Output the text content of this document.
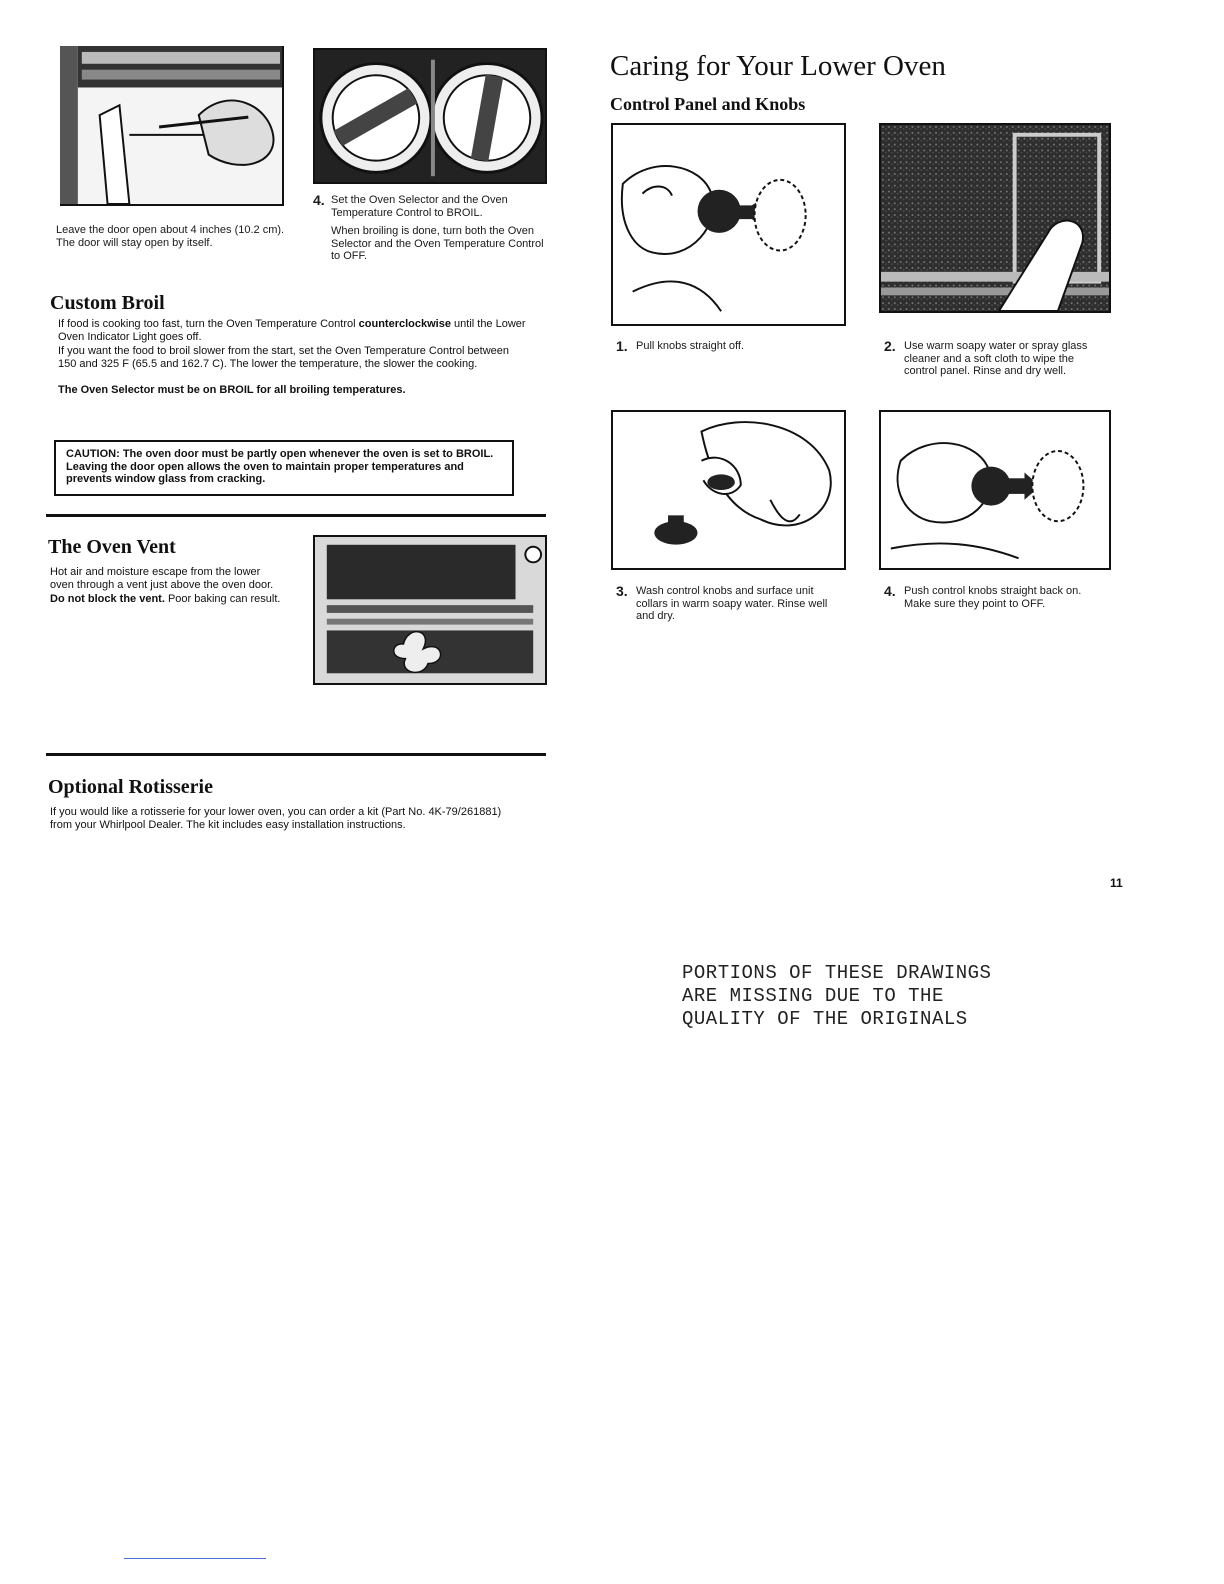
Leave the door open about 4 inches (10.2 cm). The door will stay open by itself.
4. Set the Oven Selector and the Oven Temperature Control to BROIL.
When broiling is done, turn both the Oven Selector and the Oven Temperature Control to OFF.
Custom Broil
If food is cooking too fast, turn the Oven Temperature Control counterclockwise until the Lower Oven Indicator Light goes off.
If you want the food to broil slower from the start, set the Oven Temperature Control between 150 and 325 F (65.5 and 162.7 C). The lower the temperature, the slower the cooking.
The Oven Selector must be on BROIL for all broiling temperatures.
CAUTION: The oven door must be partly open whenever the oven is set to BROIL. Leaving the door open allows the oven to maintain proper temperatures and prevents window glass from cracking.
The Oven Vent
Hot air and moisture escape from the lower oven through a vent just above the oven door.
Do not block the vent. Poor baking can result.
Optional Rotisserie
If you would like a rotisserie for your lower oven, you can order a kit (Part No. 4K-79/261881) from your Whirlpool Dealer. The kit includes easy installation instructions.
Caring for Your Lower Oven
Control Panel and Knobs
1. Pull knobs straight off.	2. Use warm soapy water or spray glass cleaner and a soft cloth to wipe the control panel. Rinse and dry well.
3. Wash control knobs and surface unit collars in warm soapy water. Rinse well and dry.
4. Push control knobs straight back on. Make sure they point to OFF.
11
PORTIONS OF THESE DRAWINGS
ARE MISSING DUE TO THE
QUALITY OF THE ORIGINALS
